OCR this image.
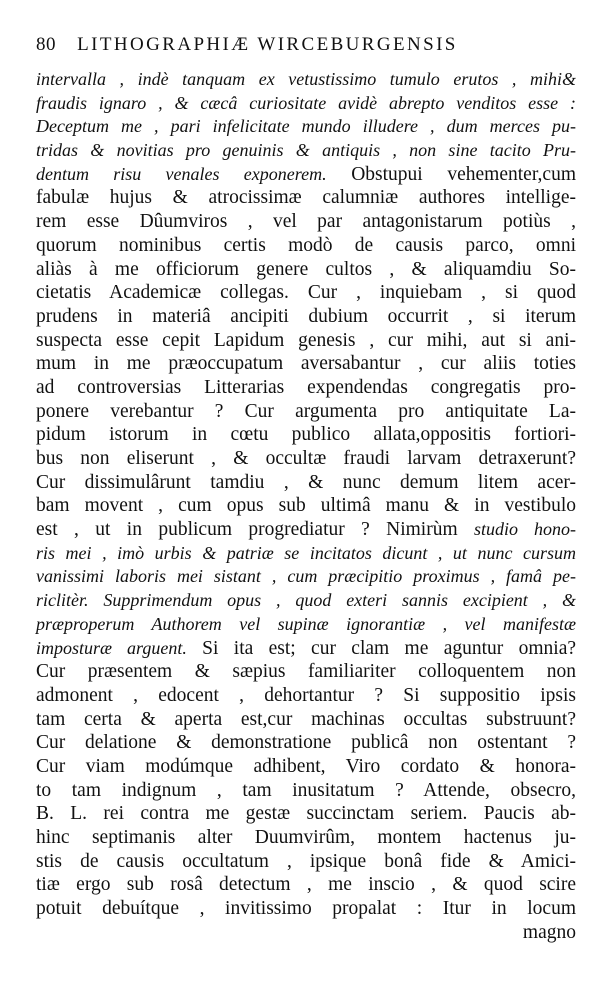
80 LITHOGRAPHIÆ WIRCEBURGENSIS
intervalla , indè tanquam ex vetustissimo tumulo erutos , mihi&
fraudis ignaro , & cæcâ curiositate avidè abrepto venditos esse :
Deceptum me , pari infelicitate mundo illudere , dum merces pu-
tridas & novitias pro genuinis & antiquis , non sine tacito Pru-
dentum risu venales exponerem. Obstupui vehementer,cum
fabulæ hujus & atrocissimæ calumniæ authores intellige-
rem esse Dûumviros , vel par antagonistarum potiùs ,
quorum nominibus certis modò de causis parco, omni
aliàs à me officiorum genere cultos , & aliquamdiu So-
cietatis Academicæ collegas. Cur , inquiebam , si quod
prudens in materiâ ancipiti dubium occurrit , si iterum
suspecta esse cepit Lapidum genesis , cur mihi, aut si ani-
mum in me præoccupatum aversabantur , cur aliis toties
ad controversias Litterarias expendendas congregatis pro-
ponere verebantur ? Cur argumenta pro antiquitate La-
pidum istorum in cœtu publico allata,oppositis fortiori-
bus non eliserunt , & occultæ fraudi larvam detraxerunt?
Cur dissimulârunt tamdiu , & nunc demum litem acer-
bam movent , cum opus sub ultimâ manu & in vestibulo
est , ut in publicum progrediatur ? Nimirùm studio hono-
ris mei , imò urbis & patriæ se incitatos dicunt , ut nunc cursum
vanissimi laboris mei sistant , cum præcipitio proximus , famâ pe-
riclitèr. Supprimendum opus , quod exteri sannis excipient , &
præproperum Authorem vel supinæ ignorantiæ , vel manifestæ
imposturæ arguent. Si ita est; cur clam me aguntur omnia?
Cur præsentem & sæpius familiariter colloquentem non
admonent , edocent , dehortantur ? Si suppositio ipsis
tam certa & aperta est,cur machinas occultas substruunt?
Cur delatione & demonstratione publicâ non ostentant ?
Cur viam modúmque adhibent, Viro cordato & honora-
to tam indignum , tam inusitatum ? Attende, obsecro,
B. L. rei contra me gestæ succinctam seriem. Paucis ab-
hinc septimanis alter Duumvirûm, montem hactenus ju-
stis de causis occultatum , ipsique bonâ fide & Amici-
tiæ ergo sub rosâ detectum , me inscio , & quod scire
potuit debuítque , invitissimo propalat : Itur in locum
magno
